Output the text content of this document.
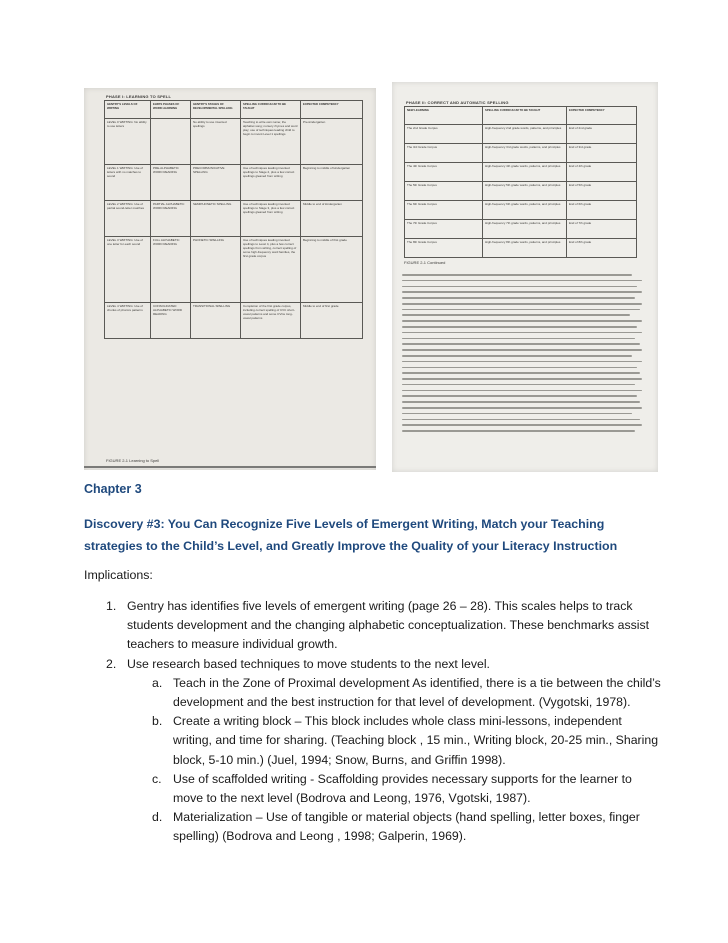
PHASE I: LEARNING TO SPELL
GENTRY'S LEVELS OF WRITING	EHRI'S PHASES OF WORD LEARNING	GENTRY'S STAGES OF DEVELOPMENTAL SPELLING	SPELLING CURRICULUM TO BE TAUGHT	EXPECTED COMPETENCY
LEVEL 0 WRITING: No ability to use letters		No ability to use invented spellings	Teaching to write own name; the alphabet song; nursery rhymes and word play; use of techniques leading child to begin to invent Level 1 spellings	Pre-kindergarten
LEVEL 1 WRITING: Use of letters with no matches to sound	PRE-ALPHABETIC WORD READING	PRECOMMUNICATIVE SPELLING	Use of techniques leading invented spellings to Stage 2, plus a few correct spellings gleaned from writing	Beginning to middle of kindergarten
LEVEL 2 WRITING: Use of partial sound-letter matches	PARTIAL ALPHABETIC WORD READING	SEMIPHONETIC SPELLING	Use of techniques leading invented spellings to Stage 3, plus a few correct spellings gleaned from writing	Middle to end of kindergarten
LEVEL 3 WRITING: Use of one letter for each sound	FULL ALPHABETIC WORD READING	PHONETIC SPELLING	Use of techniques leading invented spellings to Level 4, plus a few correct spellings from writing, correct spelling of some high-frequency word families, the first grade corpus	Beginning to middle of first grade
LEVEL 4 WRITING: Use of chunks of phonics patterns	CONSOLIDATED ALPHABETIC WORD READING	TRANSITIONAL SPELLING	Completion of the first grade corpus, including correct spelling of CVC short-vowel patterns and some CVCe long-vowel patterns	Middle to end of first grade
FIGURE 2-1 Learning to Spell
PHASE II: CORRECT AND AUTOMATIC SPELLING
NEW LEARNING	SPELLING CURRICULUM TO BE TAUGHT	EXPECTED COMPETENCY
The 2nd Grade Corpus	High-frequency 2nd grade words, patterns, and principles	End of 2nd grade
The 3rd Grade Corpus	High-frequency 3rd grade words, patterns, and principles	End of 3rd grade
The 4th Grade Corpus	High-frequency 4th grade words, patterns, and principles	End of 4th grade
The 5th Grade Corpus	High-frequency 5th grade words, patterns, and principles	End of 5th grade
The 6th Grade Corpus	High-frequency 6th grade words, patterns, and principles	End of 6th grade
The 7th Grade Corpus	High-frequency 7th grade words, patterns, and principles	End of 7th grade
The 8th Grade Corpus	High-frequency 8th grade words, patterns, and principles	End of 8th grade
FIGURE 2-1 Continued
Chapter 3
Discovery #3: You Can Recognize Five Levels of Emergent Writing, Match your Teaching strategies to the Child’s Level, and Greatly Improve the Quality of your Literacy Instruction
Implications:
1. Gentry has identifies five levels of emergent writing (page 26 – 28). This scales helps to track students development and the changing alphabetic conceptualization. These benchmarks assist teachers to measure individual growth.
2. Use research based techniques to move students to the next level.
a. Teach in the Zone of Proximal development As identified, there is a tie between the child’s development and the best instruction for that level of development. (Vygotski, 1978).
b. Create a writing block – This block includes whole class mini-lessons, independent writing, and time for sharing. (Teaching block , 15 min., Writing block, 20-25 min., Sharing block, 5-10 min.) (Juel, 1994; Snow, Burns, and Griffin 1998).
c. Use of scaffolded writing - Scaffolding provides necessary supports for the learner to move to the next level (Bodrova and Leong, 1976, Vgotski, 1987).
d. Materialization – Use of tangible or material objects (hand spelling, letter boxes, finger spelling) (Bodrova and Leong , 1998; Galperin, 1969).
